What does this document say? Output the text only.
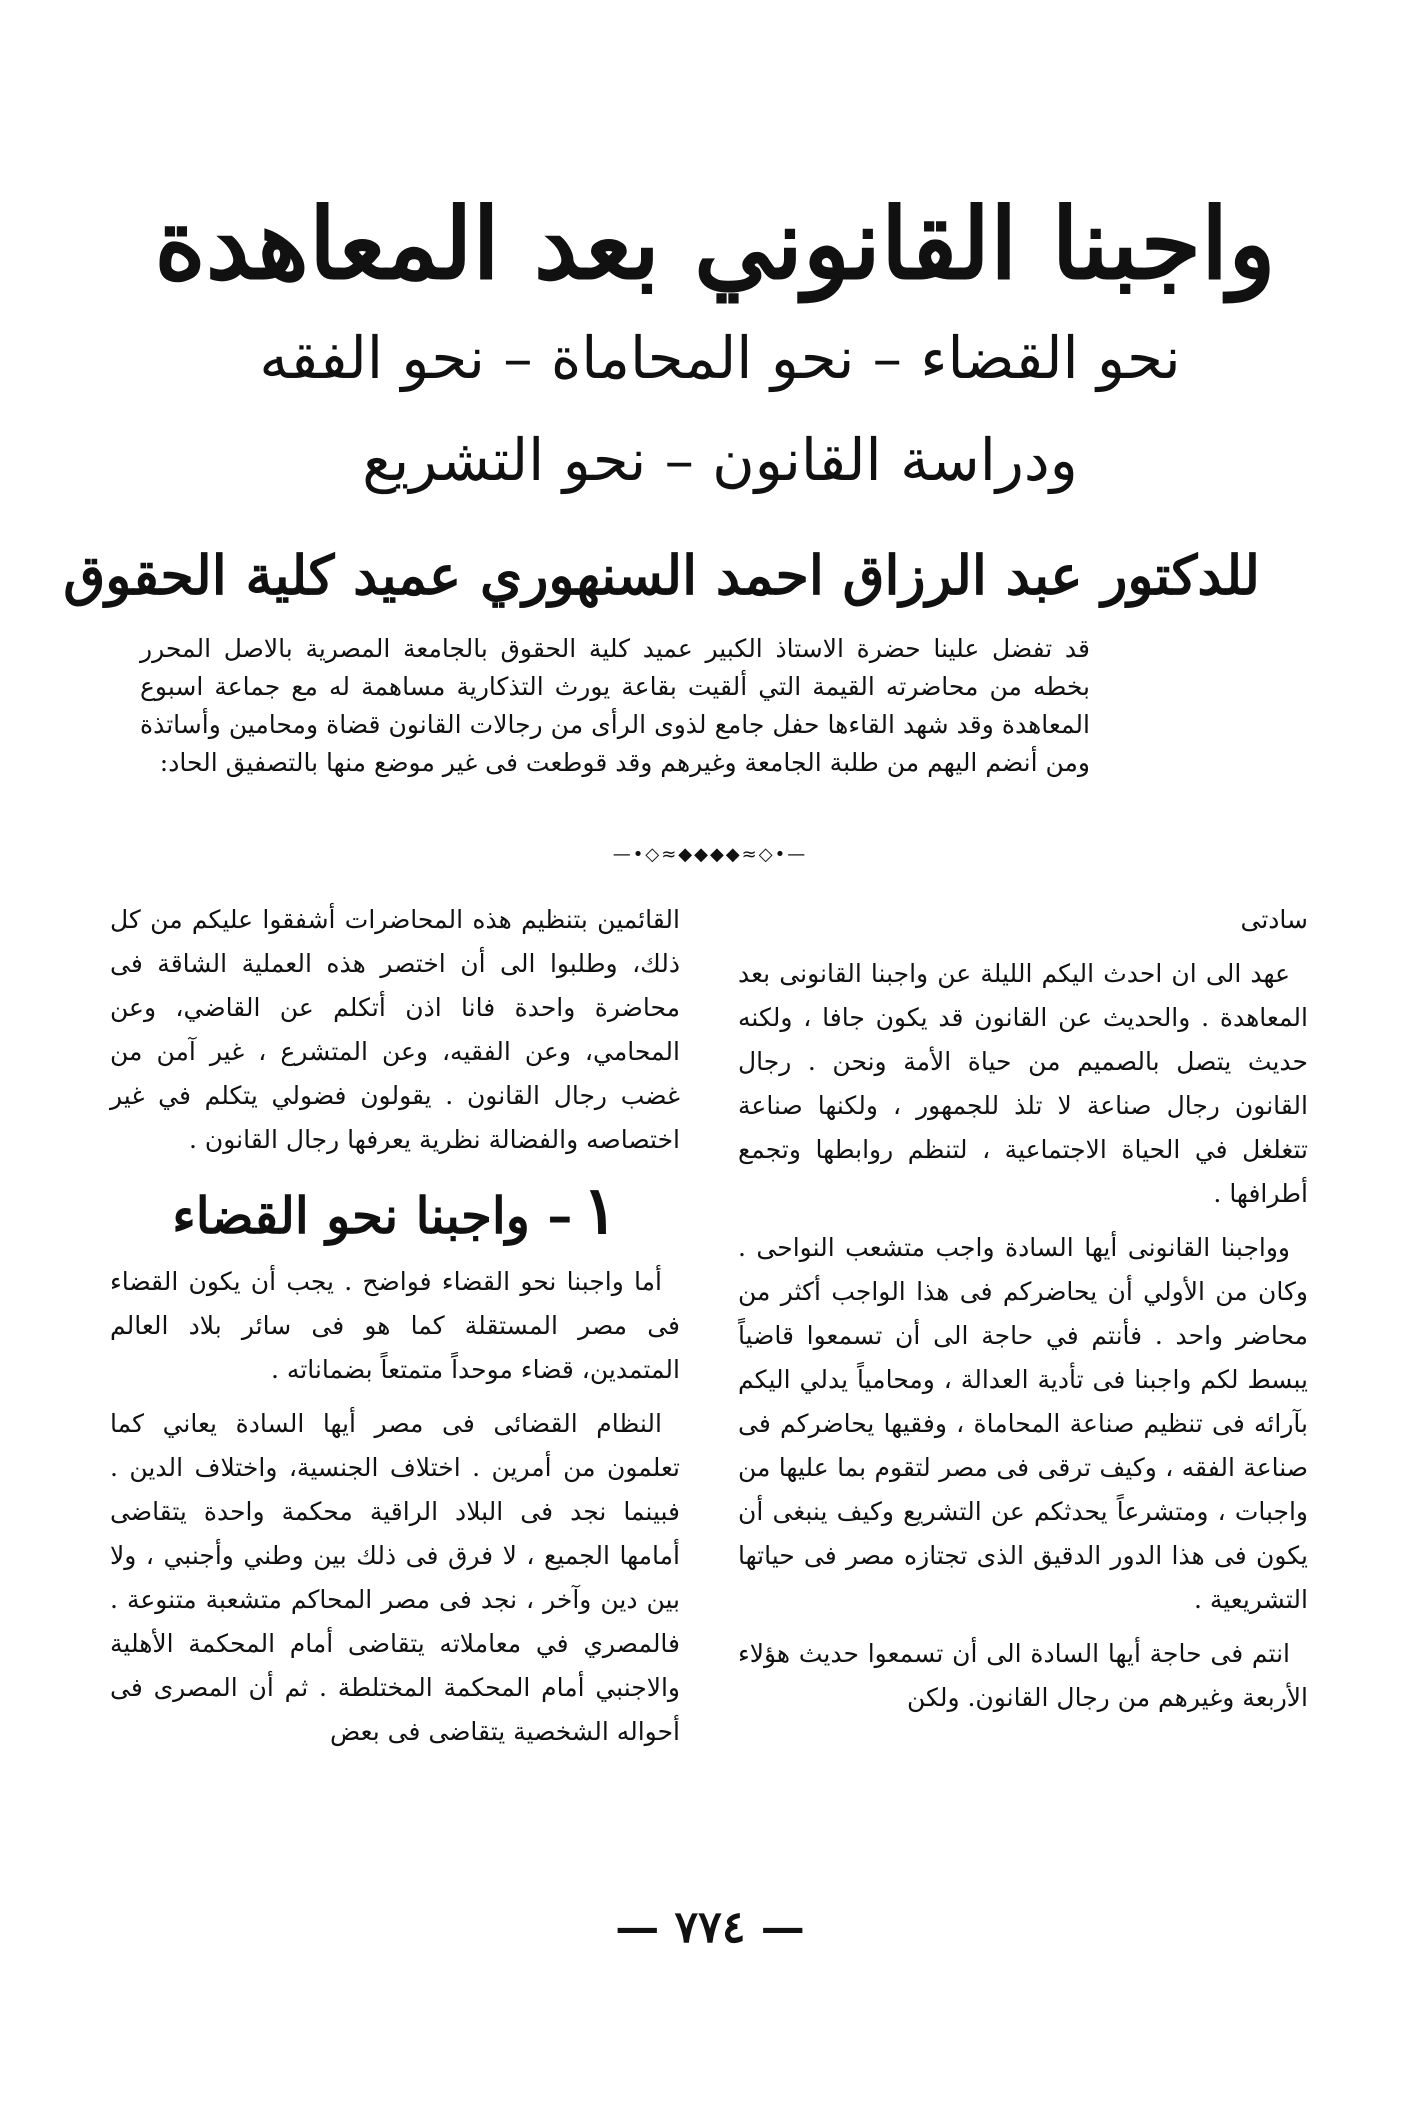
واجبنا القانوني بعد المعاهدة
نحو القضاء – نحو المحاماة – نحو الفقه
ودراسة القانون – نحو التشريع
للدكتور عبد الرزاق احمد السنهوري عميد كلية الحقوق

قد تفضل علينا حضرة الاستاذ الكبير عميد كلية الحقوق بالجامعة المصرية بالاصل المحرر بخطه من محاضرته القيمة التي ألقيت بقاعة يورث التذكارية مساهمة له مع جماعة اسبوع المعاهدة وقد شهد القاءها حفل جامع لذوى الرأى من رجالات القانون قضاة ومحامين وأساتذة ومن أنضم اليهم من طلبة الجامعة وغيرهم وقد قوطعت فى غير موضع منها بالتصفيق الحاد:

—•◇≈◆◆◆◆≈◇•—

سادتى

عهد الى ان احدث اليكم الليلة عن واجبنا القانونى بعد المعاهدة . والحديث عن القانون قد يكون جافا ، ولكنه حديث يتصل بالصميم من حياة الأمة ونحن . رجال القانون رجال صناعة لا تلذ للجمهور ، ولكنها صناعة تتغلغل في الحياة الاجتماعية ، لتنظم روابطها وتجمع أطرافها .

وواجبنا القانونى أيها السادة واجب متشعب النواحى . وكان من الأولي أن يحاضركم فى هذا الواجب أكثر من محاضر واحد . فأنتم في حاجة الى أن تسمعوا قاضياً يبسط لكم واجبنا فى تأدية العدالة ، ومحامياً يدلي اليكم بآرائه فى تنظيم صناعة المحاماة ، وفقيها يحاضركم فى صناعة الفقه ، وكيف ترقى فى مصر لتقوم بما عليها من واجبات ، ومتشرعاً يحدثكم عن التشريع وكيف ينبغى أن يكون فى هذا الدور الدقيق الذى تجتازه مصر فى حياتها التشريعية .

انتم فى حاجة أيها السادة الى أن تسمعوا حديث هؤلاء الأربعة وغيرهم من رجال القانون. ولكن

القائمين بتنظيم هذه المحاضرات أشفقوا عليكم من كل ذلك، وطلبوا الى أن اختصر هذه العملية الشاقة فى محاضرة واحدة فانا اذن أتكلم عن القاضي، وعن المحامي، وعن الفقيه، وعن المتشرع ، غير آمن من غضب رجال القانون . يقولون فضولي يتكلم في غير اختصاصه والفضالة نظرية يعرفها رجال القانون .

١– واجبنا نحو القضاء

أما واجبنا نحو القضاء فواضح . يجب أن يكون القضاء فى مصر المستقلة كما هو فى سائر بلاد العالم المتمدين، قضاء موحداً متمتعاً بضماناته .

النظام القضائى فى مصر أيها السادة يعاني كما تعلمون من أمرين . اختلاف الجنسية، واختلاف الدين . فبينما نجد فى البلاد الراقية محكمة واحدة يتقاضى أمامها الجميع ، لا فرق فى ذلك بين وطني وأجنبي ، ولا بين دين وآخر ، نجد فى مصر المحاكم متشعبة متنوعة . فالمصري في معاملاته يتقاضى أمام المحكمة الأهلية والاجنبي أمام المحكمة المختلطة . ثم أن المصرى فى أحواله الشخصية يتقاضى فى بعض

— ٧٧٤ —
